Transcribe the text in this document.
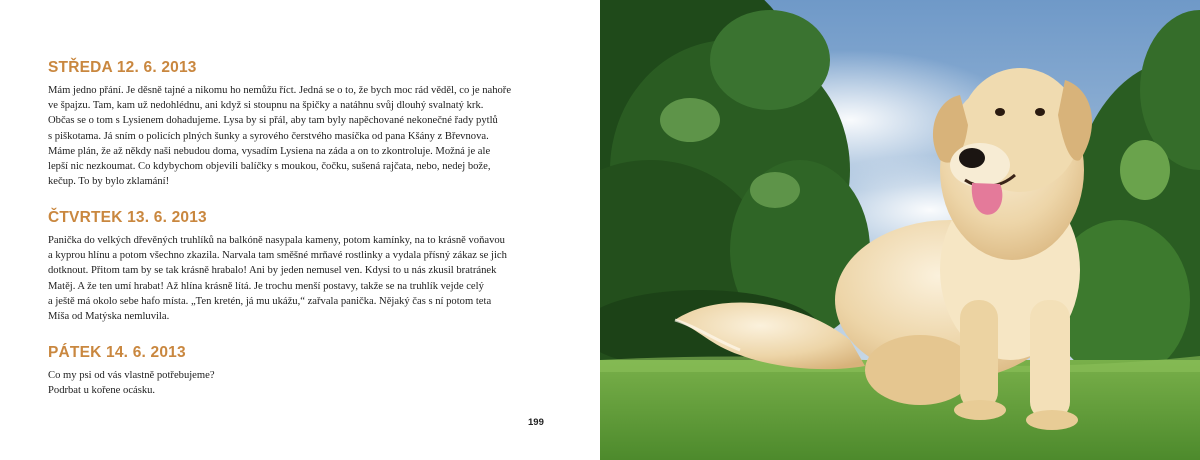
STŘEDA 12. 6. 2013

Mám jedno přání. Je děsně tajné a nikomu ho nemůžu říct. Jedná se o to, že bych moc rád věděl, co je nahoře
ve špajzu. Tam, kam už nedohlédnu, ani když si stoupnu na špičky a natáhnu svůj dlouhý svalnatý krk.
Občas se o tom s Lysienem dohadujeme. Lysa by si přál, aby tam byly napěchované nekonečné řady pytlů
s piškotama. Já sním o policích plných šunky a syrového čerstvého masíčka od pana Kšány z Břevnova.
Máme plán, že až někdy naši nebudou doma, vysadím Lysiena na záda a on to zkontroluje. Možná je ale
lepší nic nezkoumat. Co kdybychom objevili balíčky s moukou, čočku, sušená rajčata, nebo, nedej bože,
kečup. To by bylo zklamání!

ČTVRTEK 13. 6. 2013

Panička do velkých dřevěných truhlíků na balkóně nasypala kameny, potom kamínky, na to krásně voňavou
a kyprou hlínu a potom všechno zkazila. Narvala tam směšné mrňavé rostlinky a vydala přísný zákaz se jich
dotknout. Přitom tam by se tak krásně hrabalo! Ani by jeden nemusel ven. Kdysi to u nás zkusil bratránek
Matěj. A že ten umí hrabat! Až hlína krásně lítá. Je trochu menší postavy, takže se na truhlík vejde celý
a ještě má okolo sebe hafo místa. „Ten kretén, já mu ukážu,“ zařvala panička. Nějaký čas s ní potom teta
Míša od Matýska nemluvila.

PÁTEK 14. 6. 2013

Co my psi od vás vlastně potřebujeme?
Podrbat u kořene ocásku.

199
